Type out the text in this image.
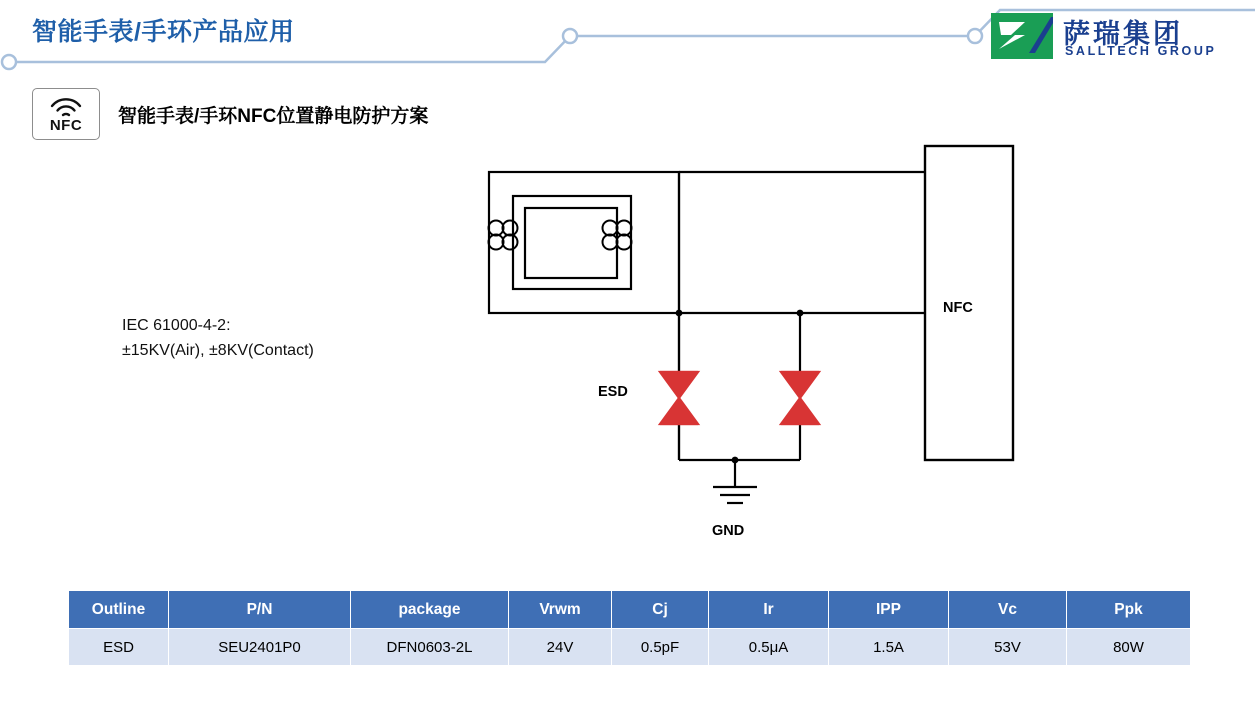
智能手表/手环产品应用	萨瑞集团
SALLTECH GROUP
NFC	智能手表/手环NFC位置静电防护方案
IEC 61000-4-2:
±15KV(Air), ±8KV(Contact)
ESD
GND
NFC
Outline	P/N	package	Vrwm	Cj	Ir	IPP	Vc	Ppk
ESD	SEU2401P0	DFN0603-2L	24V	0.5pF	0.5μA	1.5A	53V	80W
